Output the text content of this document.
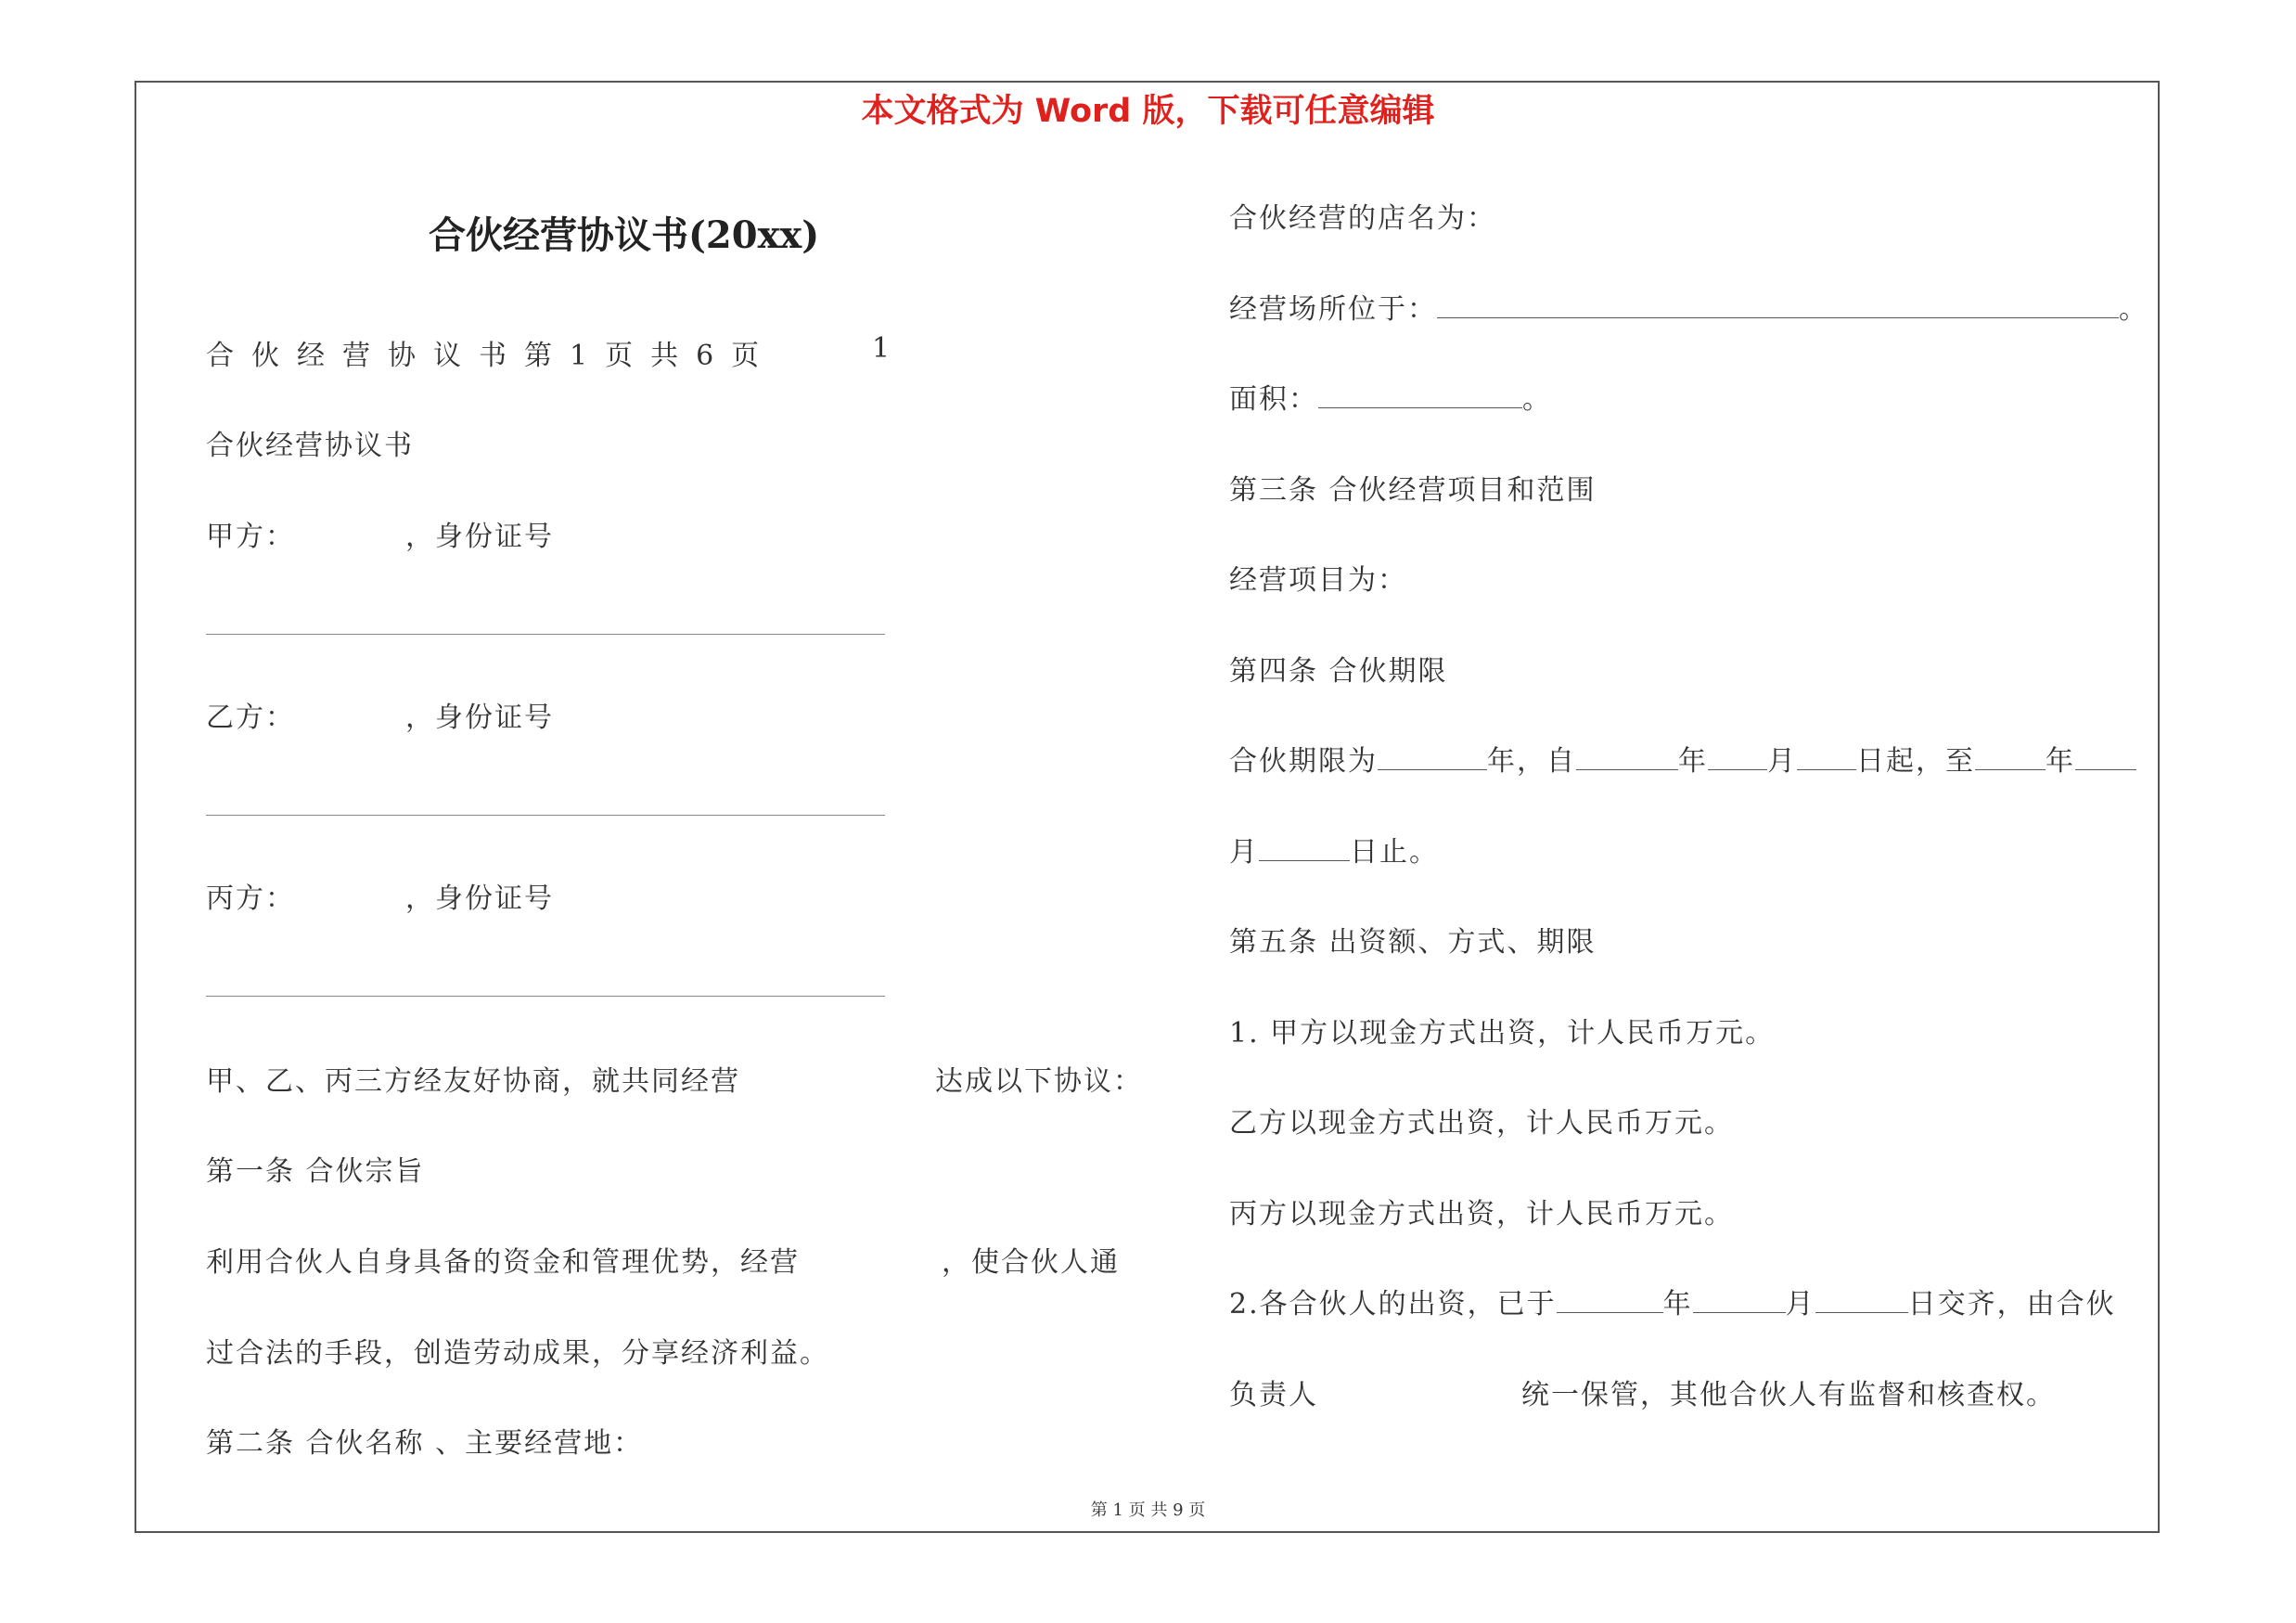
本文格式为 Word 版，下载可任意编辑
合伙经营协议书(20xx)
合伙经营协议书第1页共6页	1
合伙经营协议书
甲方：	，身份证号
乙方：	，身份证号
丙方：	，身份证号
甲、乙、丙三方经友好协商，就共同经营	达成以下协议：
第一条 合伙宗旨
利用合伙人自身具备的资金和管理优势，经营	，使合伙人通
过合法的手段，创造劳动成果，分享经济利益。
第二条 合伙名称 、主要经营地：
合伙经营的店名为：
经营场所位于：	。
面积：	。
第三条 合伙经营项目和范围
经营项目为：
第四条 合伙期限
合伙期限为	年，自	年 月 日起，至	年
月	日止。
第五条 出资额、方式、期限
1. 甲方以现金方式出资，计人民币万元。
乙方以现金方式出资，计人民币万元。
丙方以现金方式出资，计人民币万元。
2.各合伙人的出资，已于	年	月	日交齐，由合伙
负责人	统一保管，其他合伙人有监督和核查权。
第 1 页 共 9 页
